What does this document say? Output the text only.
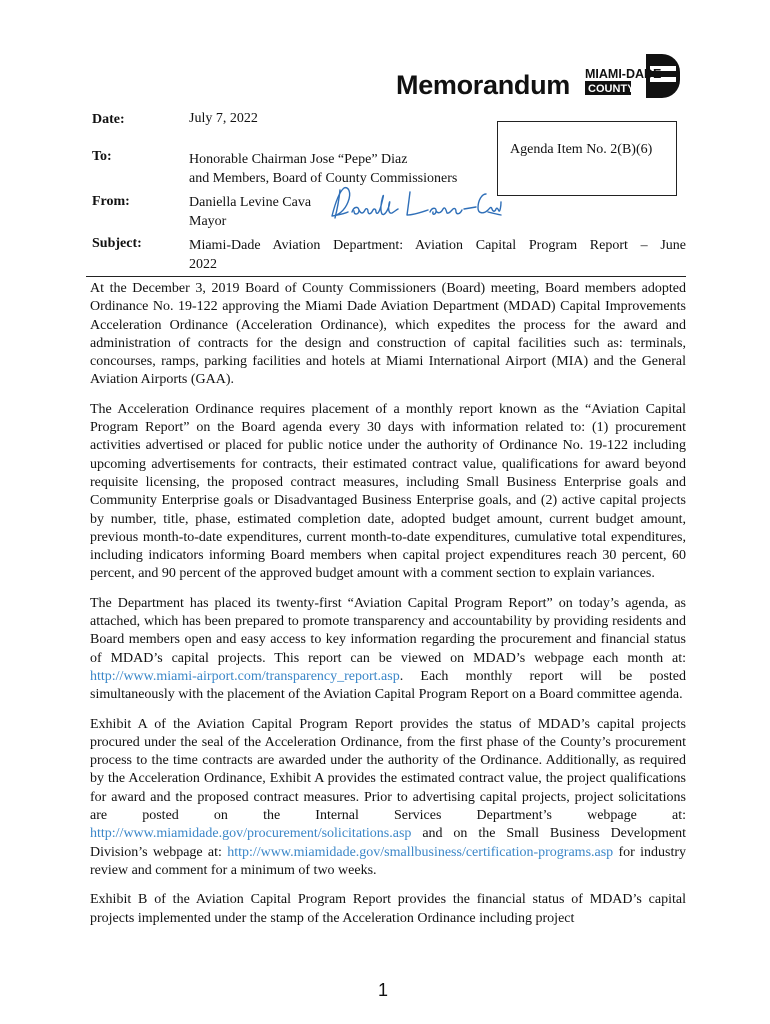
Memorandum MIAMI-DADE
COUNTY
Date:	July 7, 2022
To:	Honorable Chairman Jose “Pepe” Diaz
and Members, Board of County Commissioners
From:	Daniella Levine Cava
Mayor
Subject:	Miami-Dade Aviation Department: Aviation Capital Program Report – June
2022
Agenda Item No. 2(B)(6)

At the December 3, 2019 Board of County Commissioners (Board) meeting, Board members adopted Ordinance No. 19-122 approving the Miami Dade Aviation Department (MDAD) Capital Improvements Acceleration Ordinance (Acceleration Ordinance), which expedites the process for the award and administration of contracts for the design and construction of capital facilities such as: terminals, concourses, ramps, parking facilities and hotels at Miami International Airport (MIA) and the General Aviation Airports (GAA).

The Acceleration Ordinance requires placement of a monthly report known as the “Aviation Capital Program Report” on the Board agenda every 30 days with information related to: (1) procurement activities advertised or placed for public notice under the authority of Ordinance No. 19-122 including upcoming advertisements for contracts, their estimated contract value, qualifications for award beyond requisite licensing, the proposed contract measures, including Small Business Enterprise goals and Community Enterprise goals or Disadvantaged Business Enterprise goals, and (2) active capital projects by number, title, phase, estimated completion date, adopted budget amount, current budget amount, previous month-to-date expenditures, current month-to-date expenditures, cumulative total expenditures, including indicators informing Board members when capital project expenditures reach 30 percent, 60 percent, and 90 percent of the approved budget amount with a comment section to explain variances.

The Department has placed its twenty-first “Aviation Capital Program Report” on today’s agenda, as attached, which has been prepared to promote transparency and accountability by providing residents and Board members open and easy access to key information regarding the procurement and financial status of MDAD’s capital projects. This report can be viewed on MDAD’s webpage each month at: http://www.miami-airport.com/transparency_report.asp. Each monthly report will be posted simultaneously with the placement of the Aviation Capital Program Report on a Board committee agenda.

Exhibit A of the Aviation Capital Program Report provides the status of MDAD’s capital projects procured under the seal of the Acceleration Ordinance, from the first phase of the County’s procurement process to the time contracts are awarded under the authority of the Ordinance. Additionally, as required by the Acceleration Ordinance, Exhibit A provides the estimated contract value, the project qualifications for award and the proposed contract measures. Prior to advertising capital projects, project solicitations are posted on the Internal Services Department’s webpage at: http://www.miamidade.gov/procurement/solicitations.asp and on the Small Business Development Division’s webpage at: http://www.miamidade.gov/smallbusiness/certification-programs.asp for industry review and comment for a minimum of two weeks.

Exhibit B of the Aviation Capital Program Report provides the financial status of MDAD’s capital projects implemented under the stamp of the Acceleration Ordinance including project

1
